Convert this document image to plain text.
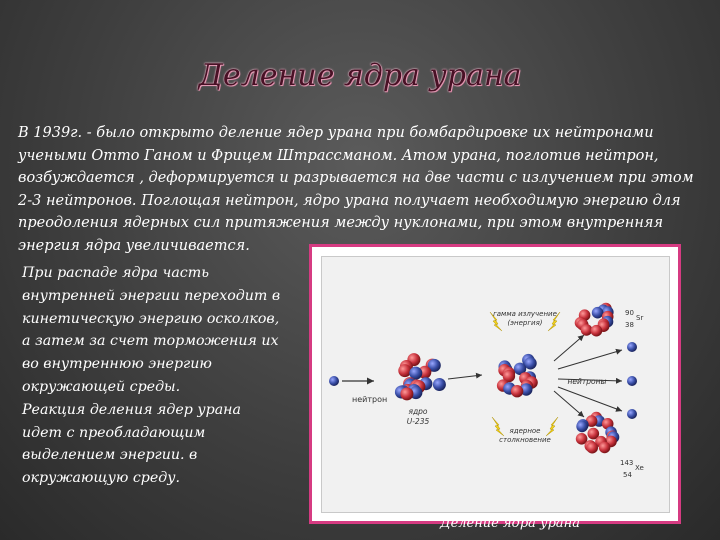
Деление ядра урана
В 1939г. - было открыто деление ядер урана при бомбардировке их нейтронами учеными Отто Ганом и Фрицем Штрассманом. Атом урана, поглотив нейтрон, возбуждается , деформируется и разрывается на две части с излучением при этом 2-3 нейтронов. Поглощая нейтрон, ядро урана получает необходимую энергию для преодоления ядерных сил притяжения между нуклонами, при этом внутренняя энергия ядра увеличивается.

При распаде ядра часть внутренней энергии переходит в кинетическую энергию осколков, а затем за счет торможения их во внутреннюю энергию окружающей среды.

Реакция деления ядер урана идет с преобладающим выделением энергии. в окружающую среду.

нейтрон
ядро
U-235
гамма излучение
(энергия)
ядерное
столкновение
нейтроны
90
Sr
38
143
Xe
54
Деление ядра урана
